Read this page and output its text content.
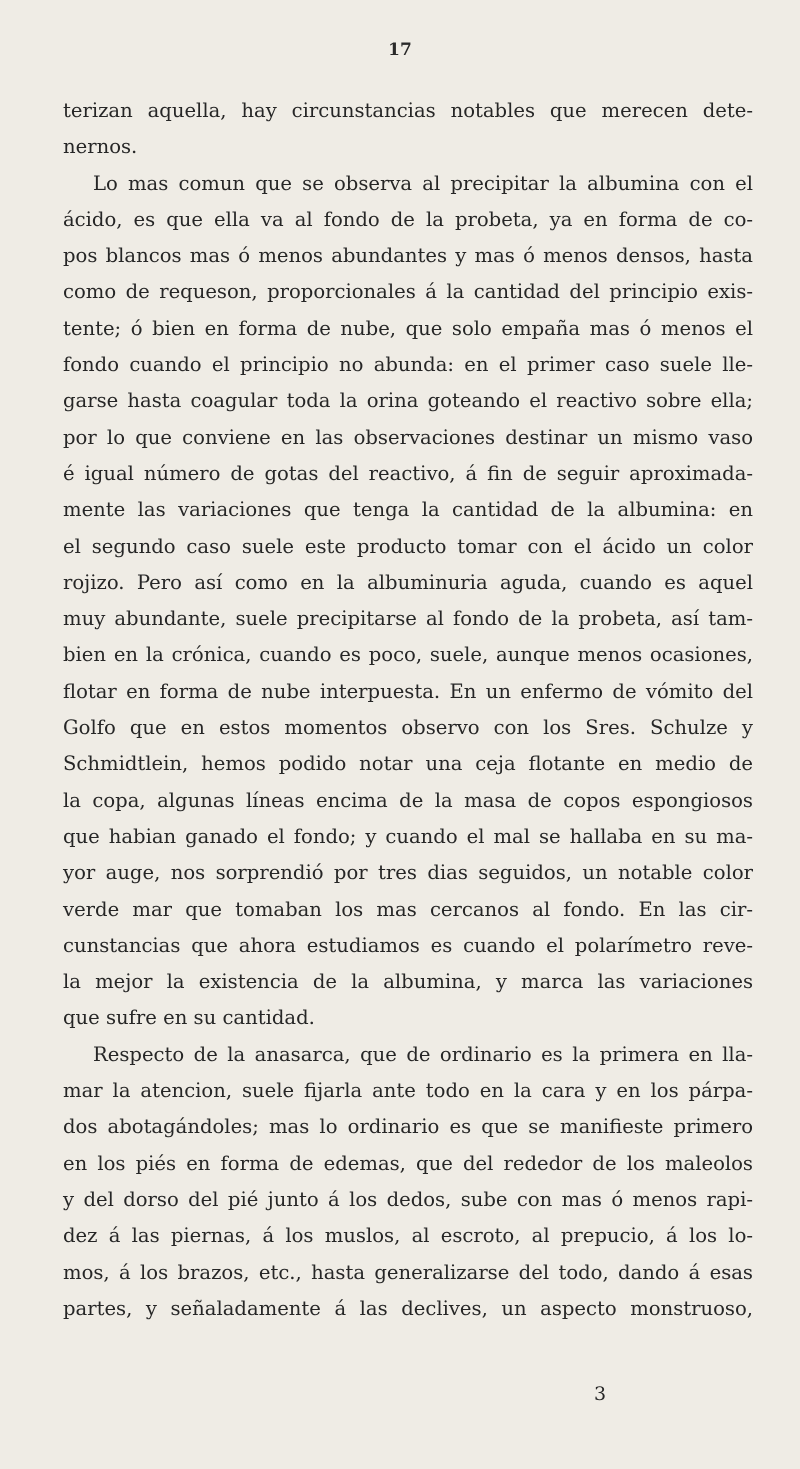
17
terizan aquella, hay circunstancias notables que merecen dete-
nernos.
Lo mas comun que se observa al precipitar la albumina con el
ácido, es que ella va al fondo de la probeta, ya en forma de co-
pos blancos mas ó menos abundantes y mas ó menos densos, hasta
como de requeson, proporcionales á la cantidad del principio exis-
tente; ó bien en forma de nube, que solo empaña mas ó menos el
fondo cuando el principio no abunda: en el primer caso suele lle-
garse hasta coagular toda la orina goteando el reactivo sobre ella;
por lo que conviene en las observaciones destinar un mismo vaso
é igual número de gotas del reactivo, á fin de seguir aproximada-
mente las variaciones que tenga la cantidad de la albumina: en
el segundo caso suele este producto tomar con el ácido un color
rojizo. Pero así como en la albuminuria aguda, cuando es aquel
muy abundante, suele precipitarse al fondo de la probeta, así tam-
bien en la crónica, cuando es poco, suele, aunque menos ocasiones,
flotar en forma de nube interpuesta. En un enfermo de vómito del
Golfo que en estos momentos observo con los Sres. Schulze y
Schmidtlein, hemos podido notar una ceja flotante en medio de
la copa, algunas líneas encima de la masa de copos espongiosos
que habian ganado el fondo; y cuando el mal se hallaba en su ma-
yor auge, nos sorprendió por tres dias seguidos, un notable color
verde mar que tomaban los mas cercanos al fondo. En las cir-
cunstancias que ahora estudiamos es cuando el polarímetro reve-
la mejor la existencia de la albumina, y marca las variaciones
que sufre en su cantidad.
Respecto de la anasarca, que de ordinario es la primera en lla-
mar la atencion, suele fijarla ante todo en la cara y en los párpa-
dos abotagándoles; mas lo ordinario es que se manifieste primero
en los piés en forma de edemas, que del rededor de los maleolos
y del dorso del pié junto á los dedos, sube con mas ó menos rapi-
dez á las piernas, á los muslos, al escroto, al prepucio, á los lo-
mos, á los brazos, etc., hasta generalizarse del todo, dando á esas
partes, y señaladamente á las declives, un aspecto monstruoso,
3
